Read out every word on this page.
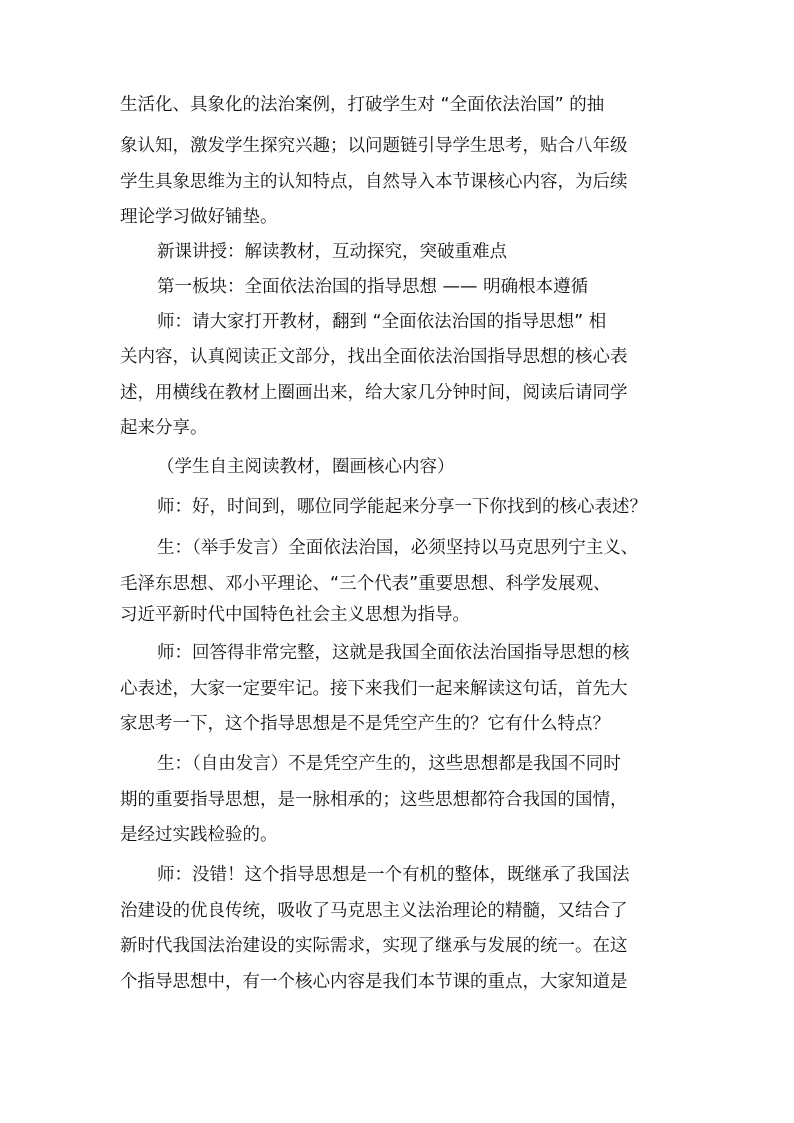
生活化、具象化的法治案例，打破学生对 “全面依法治国” 的抽
象认知，激发学生探究兴趣；以问题链引导学生思考，贴合八年级
学生具象思维为主的认知特点，自然导入本节课核心内容，为后续
理论学习做好铺垫。
新课讲授：解读教材，互动探究，突破重难点
第一板块：全面依法治国的指导思想 —— 明确根本遵循
师：请大家打开教材，翻到 “全面依法治国的指导思想” 相
关内容，认真阅读正文部分，找出全面依法治国指导思想的核心表
述，用横线在教材上圈画出来，给大家几分钟时间，阅读后请同学
起来分享。
（学生自主阅读教材，圈画核心内容）
师：好，时间到，哪位同学能起来分享一下你找到的核心表述？
生：（举手发言）全面依法治国，必须坚持以马克思列宁主义、
毛泽东思想、邓小平理论、“三个代表”重要思想、科学发展观、
习近平新时代中国特色社会主义思想为指导。
师：回答得非常完整，这就是我国全面依法治国指导思想的核
心表述，大家一定要牢记。接下来我们一起来解读这句话，首先大
家思考一下，这个指导思想是不是凭空产生的？它有什么特点？
生：（自由发言）不是凭空产生的，这些思想都是我国不同时
期的重要指导思想，是一脉相承的；这些思想都符合我国的国情，
是经过实践检验的。
师：没错！这个指导思想是一个有机的整体，既继承了我国法
治建设的优良传统，吸收了马克思主义法治理论的精髓，又结合了
新时代我国法治建设的实际需求，实现了继承与发展的统一。在这
个指导思想中，有一个核心内容是我们本节课的重点，大家知道是
